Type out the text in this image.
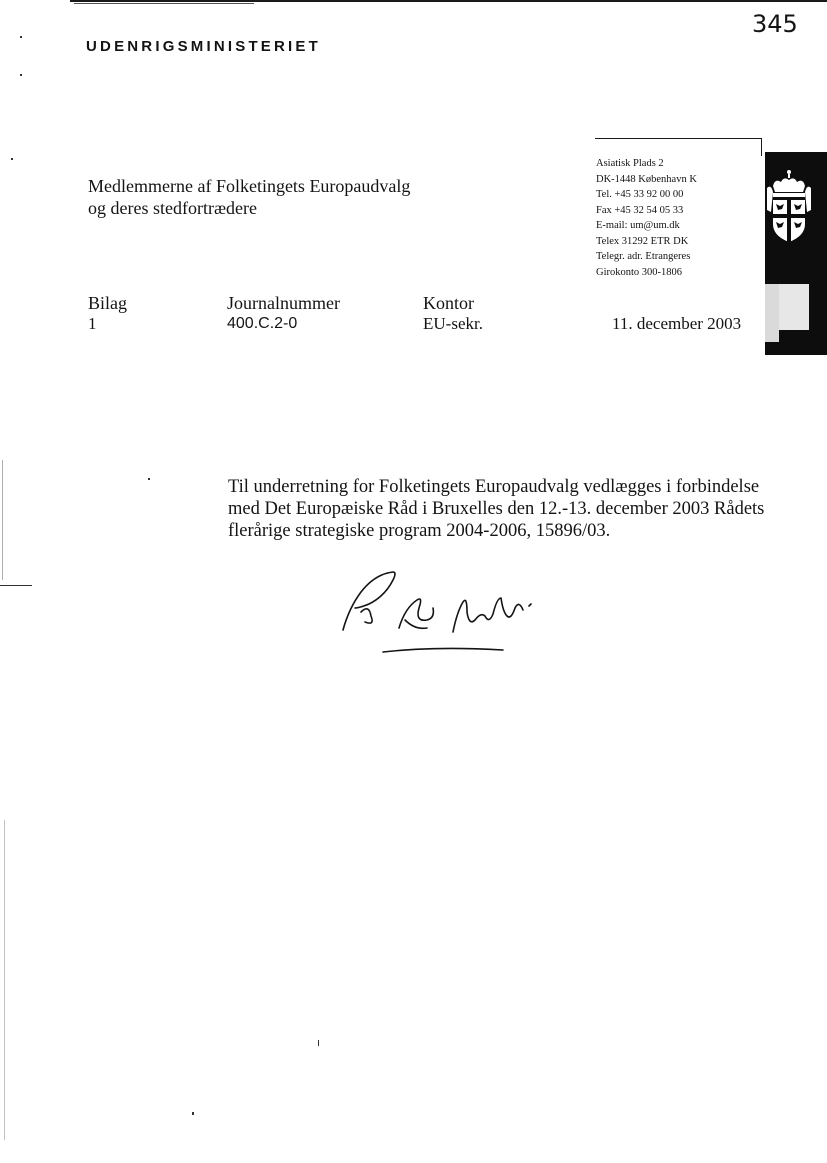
UDENRIGSMINISTERIET
345
Medlemmerne af Folketingets Europaudvalg
og deres stedfortrædere
Asiatisk Plads 2
DK-1448 København K
Tel. +45 33 92 00 00
Fax +45 32 54 05 33
E-mail: um@um.dk
Telex 31292 ETR DK
Telegr. adr. Etrangeres
Girokonto 300-1806
Bilag
1
Journalnummer
400.C.2-0
Kontor
EU-sekr.	11. december 2003
Til underretning for Folketingets Europaudvalg vedlægges i forbindelse med Det Europæiske Råd i Bruxelles den 12.-13. december 2003 Rådets flerårige strategiske program 2004-2006, 15896/03.
